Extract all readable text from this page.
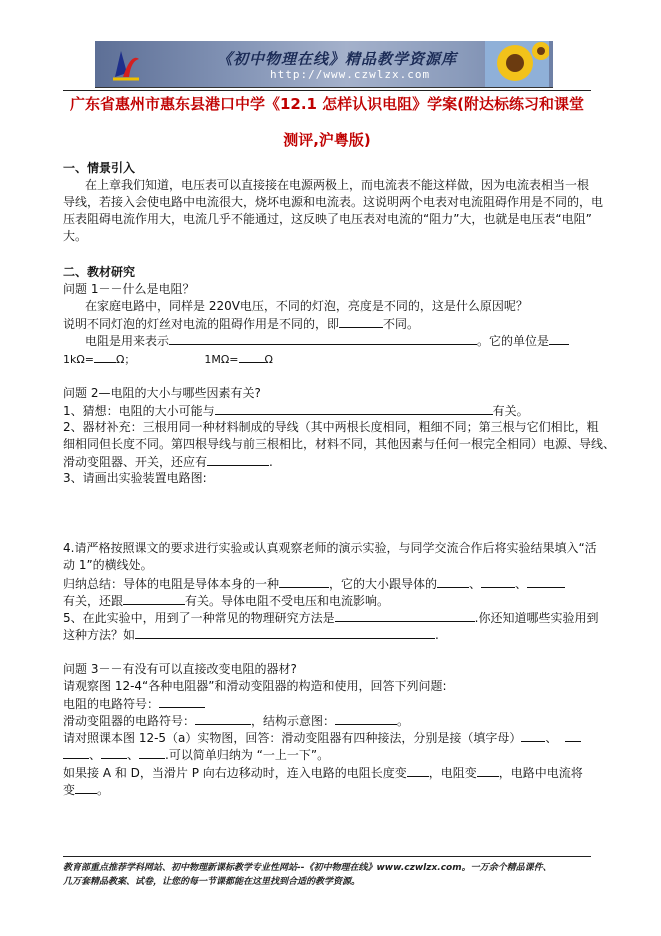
《初中物理在线》精品教学资源库
http://www.czwlzx.com
广东省惠州市惠东县港口中学《12.1 怎样认识电阻》学案(附达标练习和课堂
测评,沪粤版)
一、情景引入
在上章我们知道，电压表可以直接接在电源两极上，而电流表不能这样做，因为电流表相当一根
导线，若接入会使电路中电流很大，烧坏电源和电流表。这说明两个电表对电流阻碍作用是不同的，电
压表阻碍电流作用大，电流几乎不能通过，这反映了电压表对电流的“阻力”大，也就是电压表“电阻”
大。
二、教材研究
问题 1－－什么是电阻？
在家庭电路中，同样是 220V电压，不同的灯泡，亮度是不同的，这是什么原因呢？
说明不同灯泡的灯丝对电流的阻碍作用是不同的，即	不同。
电阻是用来表示	。它的单位是
1kΩ= Ω；	1MΩ= Ω
问题 2—电阻的大小与哪些因素有关?
1、猜想：电阻的大小可能与	有关。
2、器材补充：三根用同一种材料制成的导线（其中两根长度相同，粗细不同；第三根与它们相比，粗
细相同但长度不同。第四根导线与前三根相比，材料不同，其他因素与任何一根完全相同）电源、导线、
滑动变阻器、开关，还应有	.
3、请画出实验装置电路图:
4.请严格按照课文的要求进行实验或认真观察老师的演示实验，与同学交流合作后将实验结果填入“活
动 1”的横线处。
归纳总结：导体的电阻是导体本身的一种	，它的大小跟导体的	、	、
有关，还跟	有关。导体电阻不受电压和电流影响。
5、在此实验中，用到了一种常见的物理研究方法是	.你还知道哪些实验用到
这种方法？如	.
问题 3－－有没有可以直接改变电阻的器材?
请观察图 12-4“各种电阻器”和滑动变阻器的构造和使用，回答下列问题:
电阻的电路符号：
滑动变阻器的电路符号：	，结构示意图：	。
请对照课本图 12-5（a）实物图，回答：滑动变阻器有四种接法，分别是接（填字母） 、
、 、 .可以简单归纳为 “一上一下”。
如果接 A 和 D，当滑片 P 向右边移动时，连入电路的电阻长度变 ，电阻变 ，电路中电流将
变 。
教育部重点推荐学科网站、初中物理新课标教学专业性网站--《初中物理在线》www.czwlzx.com。一万余个精品课件、
几万套精品教案、试卷，让您的每一节课都能在这里找到合适的教学资源。
